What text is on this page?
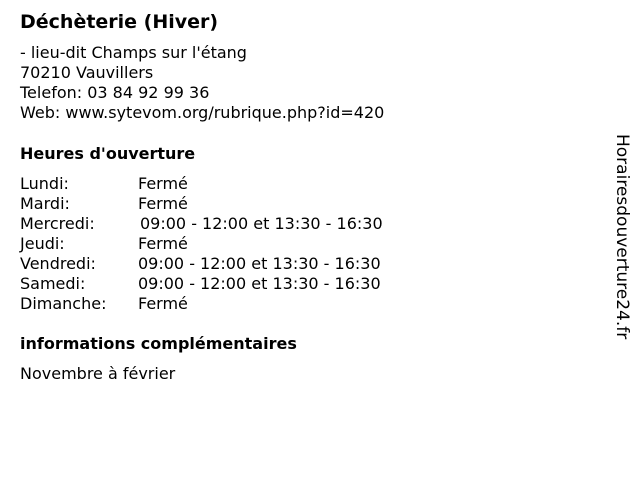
Déchèterie (Hiver)
- lieu-dit Champs sur l'étang
70210 Vauvillers
Telefon: 03 84 92 99 36
Web: www.sytevom.org/rubrique.php?id=420
Heures d'ouverture
Lundi:	Fermé
Mardi:	Fermé
Mercredi:	09:00 - 12:00 et 13:30 - 16:30
Jeudi:	Fermé
Vendredi:	09:00 - 12:00 et 13:30 - 16:30
Samedi:	09:00 - 12:00 et 13:30 - 16:30
Dimanche: Fermé
informations complémentaires
Novembre à février
Horairesdouverture24.fr
